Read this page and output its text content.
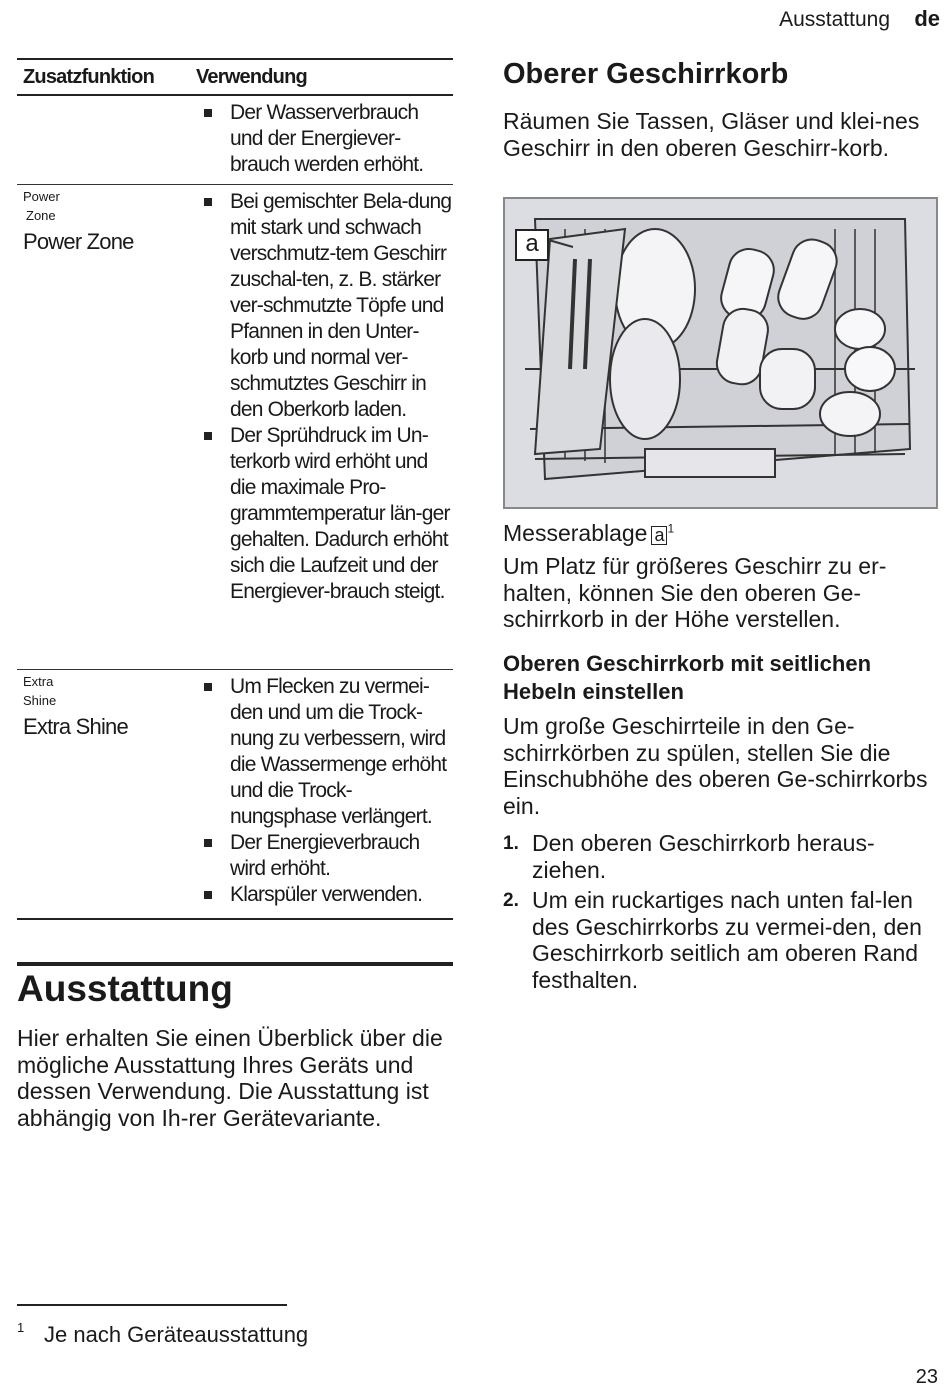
Ausstattung de
Zusatzfunktion	Verwendung
Der Wasserverbrauch und der Energiever-brauch werden erhöht.
Power
Zone
Power Zone
Bei gemischter Bela-dung mit stark und schwach verschmutz-tem Geschirr zuschal-ten, z. B. stärker ver-schmutzte Töpfe und Pfannen in den Unter-korb und normal ver-schmutztes Geschirr in den Oberkorb laden.
Der Sprühdruck im Un-terkorb wird erhöht und die maximale Pro-grammtemperatur län-ger gehalten. Dadurch erhöht sich die Laufzeit und der Energiever-brauch steigt.
Extra
Shine
Extra Shine
Um Flecken zu vermei-den und um die Trock-nung zu verbessern, wird die Wassermenge erhöht und die Trock-nungsphase verlängert.
Der Energieverbrauch wird erhöht.
Klarspüler verwenden.
Ausstattung

Hier erhalten Sie einen Überblick über die mögliche Ausstattung Ihres Geräts und dessen Verwendung. Die Ausstattung ist abhängig von Ih-rer Gerätevariante.

Oberer Geschirrkorb

Räumen Sie Tassen, Gläser und klei-nes Geschirr in den oberen Geschirr-korb.

a
Messerablage a $^1$

Um Platz für größeres Geschirr zu er-halten, können Sie den oberen Ge-schirrkorb in der Höhe verstellen.

Oberen Geschirrkorb mit seitlichen Hebeln einstellen

Um große Geschirrteile in den Ge-schirrkörben zu spülen, stellen Sie die Einschubhöhe des oberen Ge-schirrkorbs ein.

1. Den oberen Geschirrkorb heraus-ziehen.
2. Um ein ruckartiges nach unten fal-len des Geschirrkorbs zu vermei-den, den Geschirrkorb seitlich am oberen Rand festhalten.
1 Je nach Geräteausstattung
23
